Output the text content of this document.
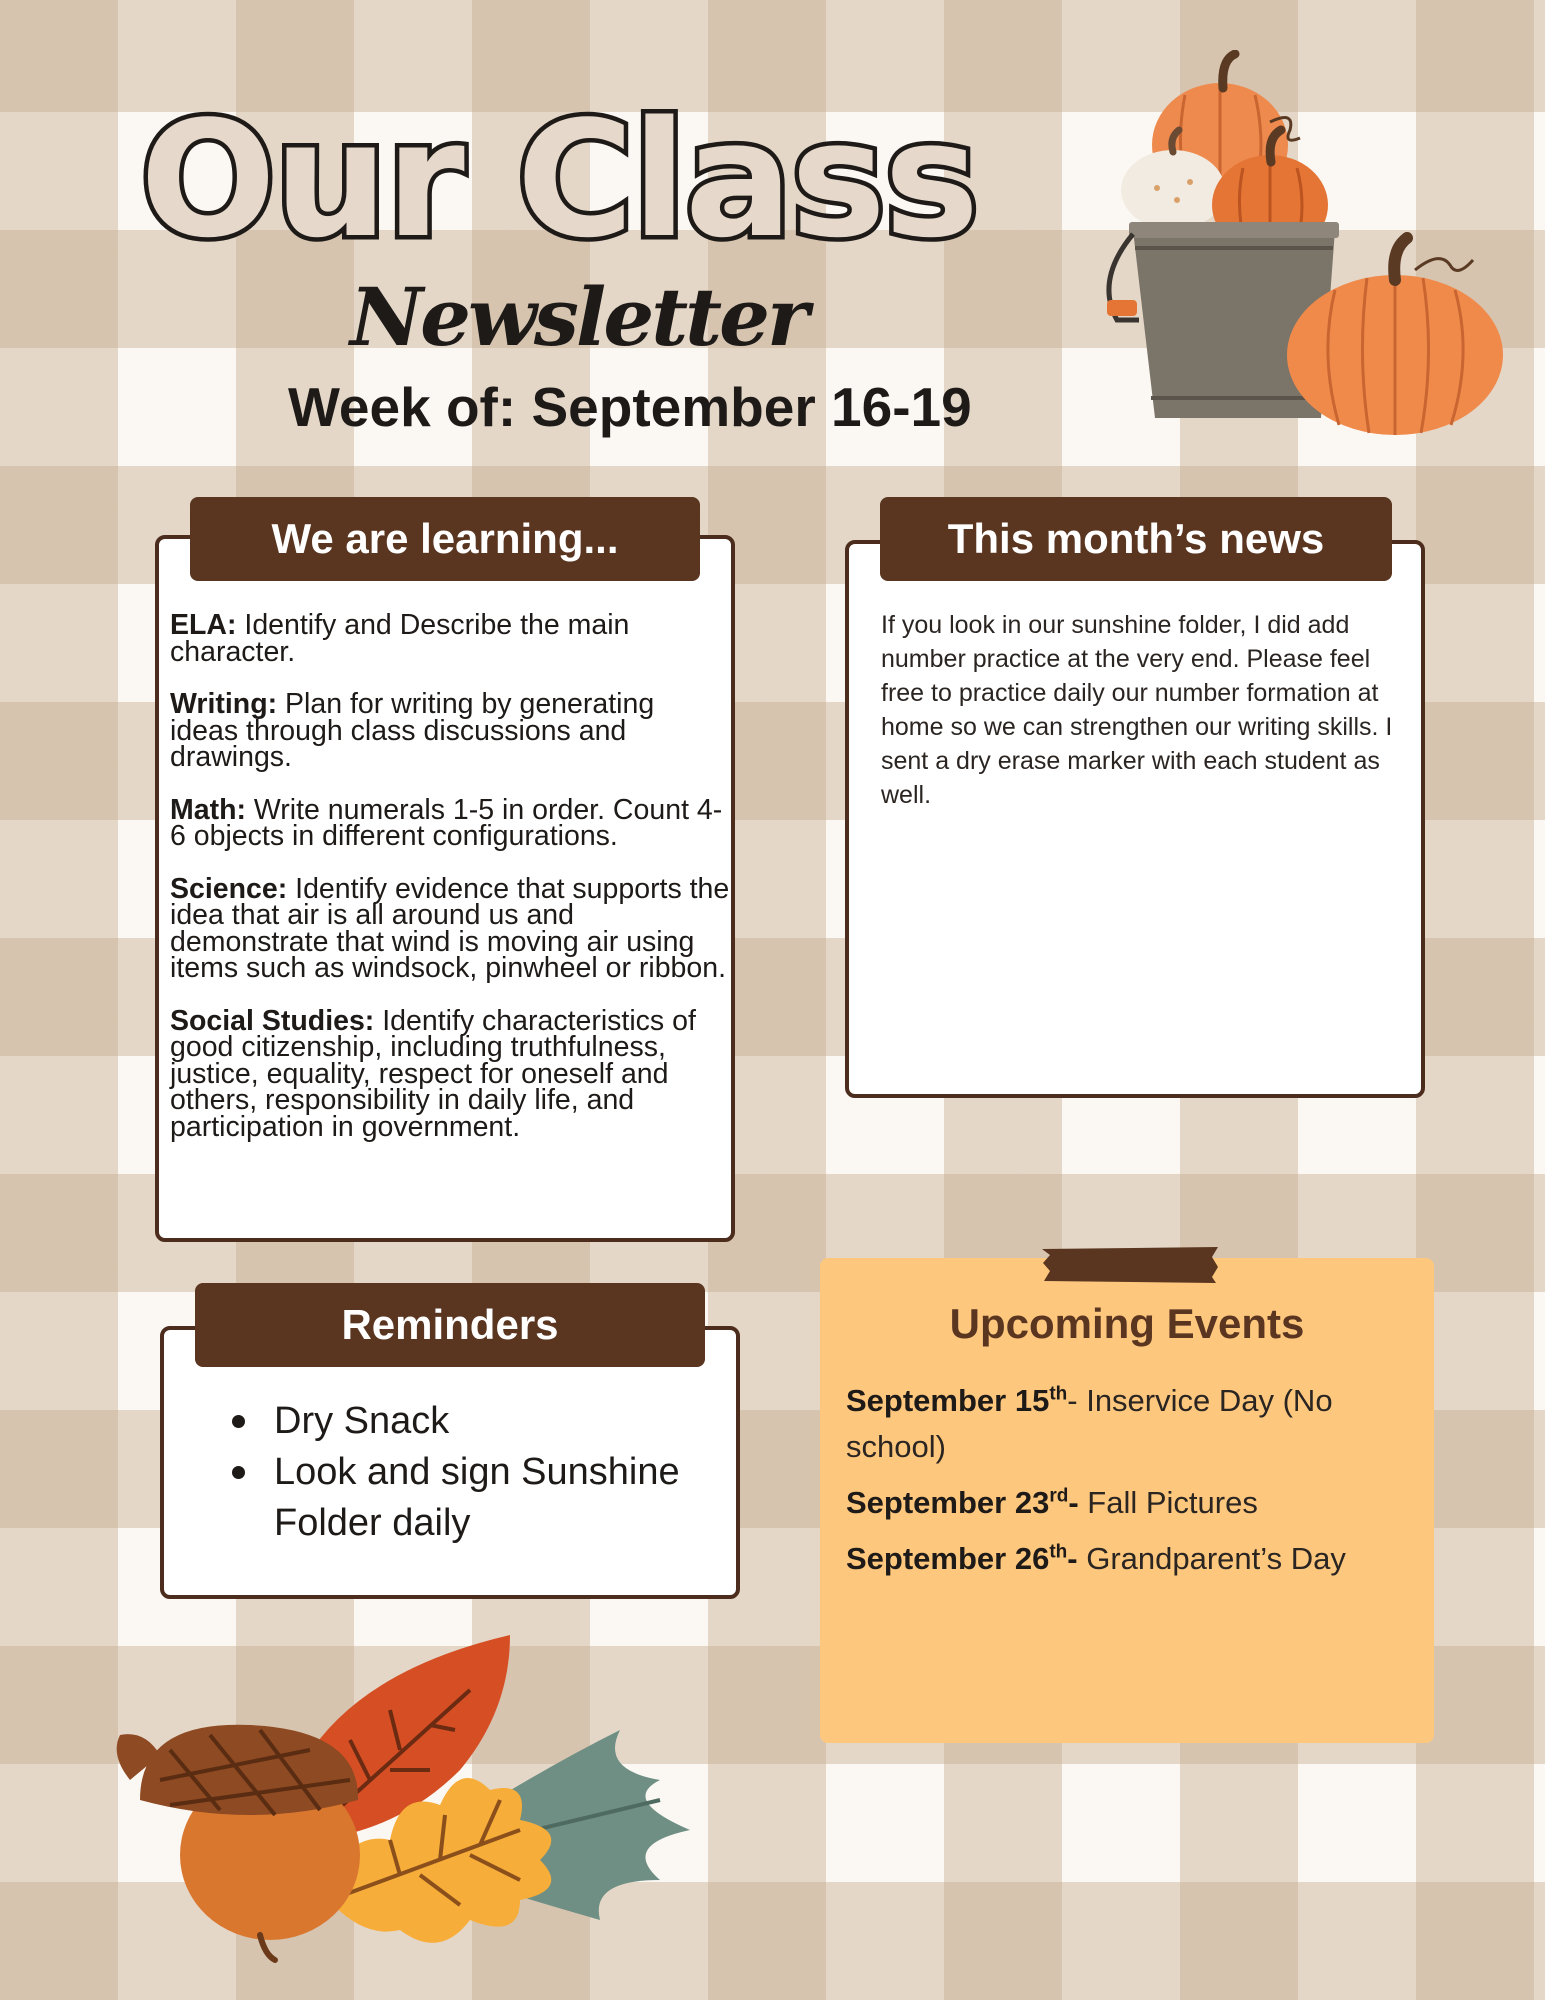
Our Class
Newsletter
Week of: September 16-19

ELA: Identify and Describe the main character.

Writing: Plan for writing by generating ideas through class discussions and drawings.

Math: Write numerals 1-5 in order. Count 4-6 objects in different configurations.

Science: Identify evidence that supports the idea that air is all around us and demonstrate that wind is moving air using items such as windsock, pinwheel or ribbon.

Social Studies: Identify characteristics of good citizenship, including truthfulness, justice, equality, respect for oneself and others, responsibility in daily life, and participation in government.

We are learning...
If you look in our sunshine folder, I did add number practice at the very end. Please feel free to practice daily our number formation at home so we can strengthen our writing skills. I sent a dry erase marker with each student as well.
This month’s news
Dry Snack
Look and sign Sunshine Folder daily
Reminders	Upcoming Events
September 15th- Inservice Day (No school)
September 23rd- Fall Pictures
September 26th- Grandparent’s Day
